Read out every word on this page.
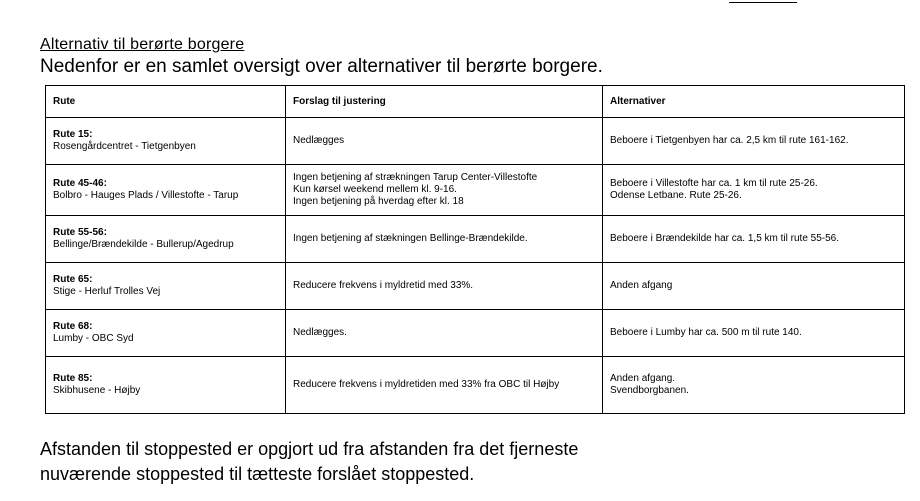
Alternativ til berørte borgere
Nedenfor er en samlet oversigt over alternativer til berørte borgere.
Rute	Forslag til justering	Alternativer

Rute 15:
Rosengårdcentret - Tietgenbyen	Nedlægges	Beboere i Tietgenbyen har ca. 2,5 km til rute 161-162.

Rute 45-46:
Bolbro - Hauges Plads / Villestofte - Tarup	Ingen betjening af strækningen Tarup Center-Villestofte
Kun kørsel weekend mellem kl. 9-16.
Ingen betjening på hverdag efter kl. 18	Beboere i Villestofte har ca. 1 km til rute 25-26.
Odense Letbane. Rute 25-26.

Rute 55-56:
Bellinge/Brændekilde - Bullerup/Agedrup	Ingen betjening af stækningen Bellinge-Brændekilde.	Beboere i Brændekilde har ca. 1,5 km til rute 55-56.

Rute 65:
Stige - Herluf Trolles Vej	Reducere frekvens i myldretid med 33%.	Anden afgang

Rute 68:
Lumby - OBC Syd	Nedlægges.	Beboere i Lumby har ca. 500 m til rute 140.

Rute 85:
Skibhusene - Højby	Reducere frekvens i myldretiden med 33% fra OBC til Højby	Anden afgang.
Svendborgbanen.
Afstanden til stoppested er opgjort ud fra afstanden fra det fjerneste
nuværende stoppested til tætteste forslået stoppested.
